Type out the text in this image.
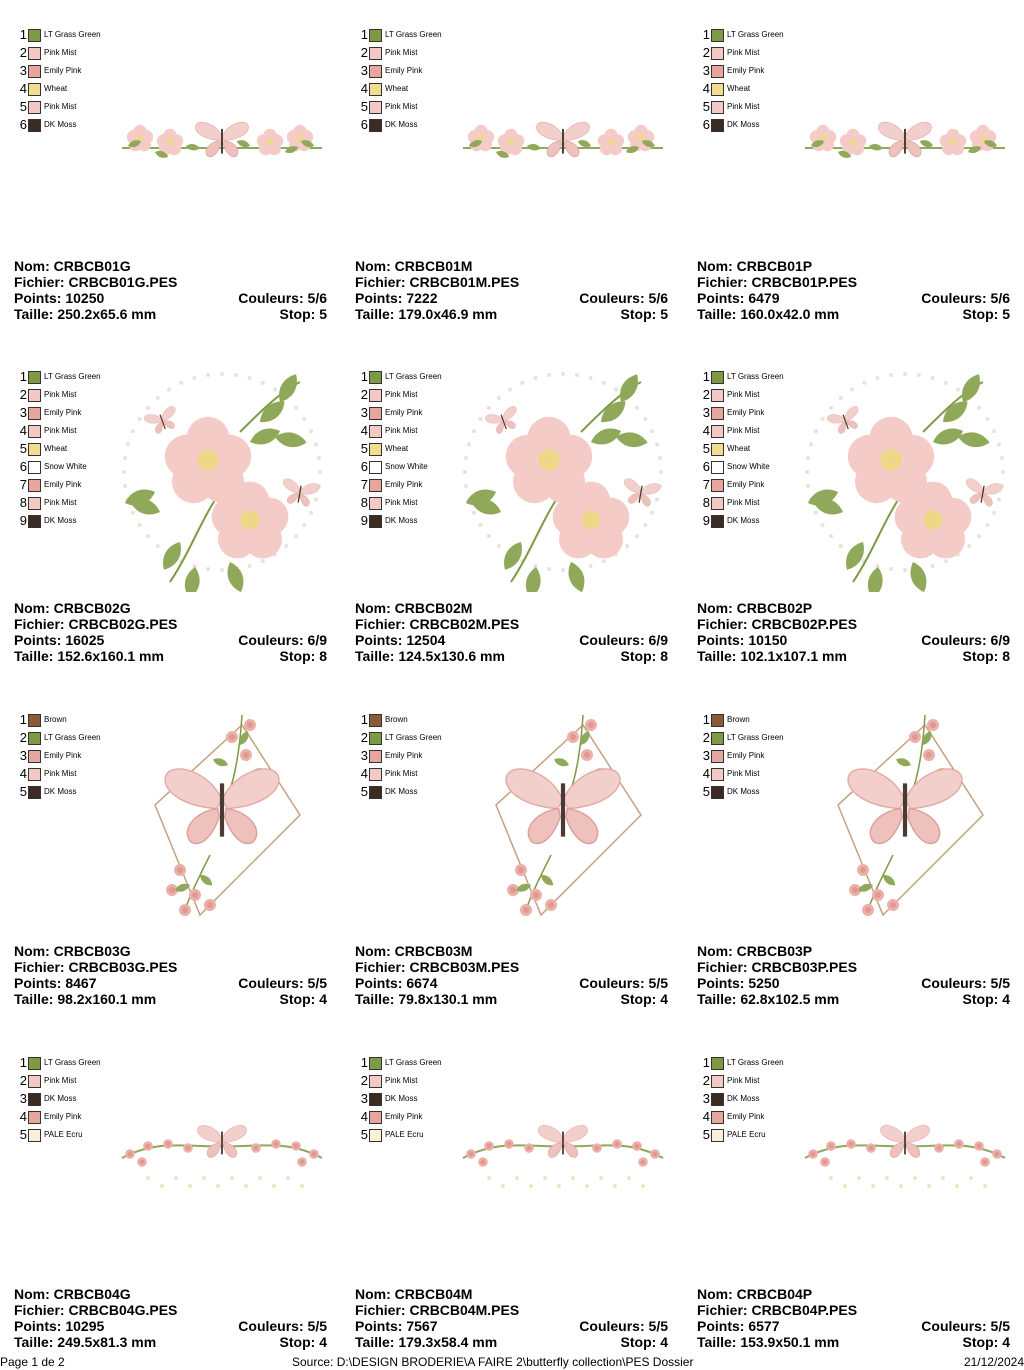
1 LT Grass Green
2 Pink Mist
3 Emily Pink
4 Wheat
5 Pink Mist
6 DK Moss
Nom: CRBCB01G
Fichier: CRBCB01G.PES
Points: 10250	Couleurs: 5/6
Taille: 250.2x65.6 mm	Stop: 5
1 LT Grass Green
2 Pink Mist
3 Emily Pink
4 Wheat
5 Pink Mist
6 DK Moss
Nom: CRBCB01M
Fichier: CRBCB01M.PES
Points: 7222	Couleurs: 5/6
Taille: 179.0x46.9 mm	Stop: 5
1 LT Grass Green
2 Pink Mist
3 Emily Pink
4 Wheat
5 Pink Mist
6 DK Moss
Nom: CRBCB01P
Fichier: CRBCB01P.PES
Points: 6479	Couleurs: 5/6
Taille: 160.0x42.0 mm	Stop: 5
1 LT Grass Green
2 Pink Mist
3 Emily Pink
4 Pink Mist
5 Wheat
6 Snow White
7 Emily Pink
8 Pink Mist
9 DK Moss
Nom: CRBCB02G
Fichier: CRBCB02G.PES
Points: 16025	Couleurs: 6/9
Taille: 152.6x160.1 mm	Stop: 8
1 LT Grass Green
2 Pink Mist
3 Emily Pink
4 Pink Mist
5 Wheat
6 Snow White
7 Emily Pink
8 Pink Mist
9 DK Moss
Nom: CRBCB02M
Fichier: CRBCB02M.PES
Points: 12504	Couleurs: 6/9
Taille: 124.5x130.6 mm	Stop: 8
1 LT Grass Green
2 Pink Mist
3 Emily Pink
4 Pink Mist
5 Wheat
6 Snow White
7 Emily Pink
8 Pink Mist
9 DK Moss
Nom: CRBCB02P
Fichier: CRBCB02P.PES
Points: 10150	Couleurs: 6/9
Taille: 102.1x107.1 mm	Stop: 8
1 Brown
2 LT Grass Green
3 Emily Pink
4 Pink Mist
5 DK Moss
Nom: CRBCB03G
Fichier: CRBCB03G.PES
Points: 8467	Couleurs: 5/5
Taille: 98.2x160.1 mm	Stop: 4
1 Brown
2 LT Grass Green
3 Emily Pink
4 Pink Mist
5 DK Moss
Nom: CRBCB03M
Fichier: CRBCB03M.PES
Points: 6674	Couleurs: 5/5
Taille: 79.8x130.1 mm	Stop: 4
1 Brown
2 LT Grass Green
3 Emily Pink
4 Pink Mist
5 DK Moss
Nom: CRBCB03P
Fichier: CRBCB03P.PES
Points: 5250	Couleurs: 5/5
Taille: 62.8x102.5 mm	Stop: 4
1 LT Grass Green
2 Pink Mist
3 DK Moss
4 Emily Pink
5 PALE Ecru
Nom: CRBCB04G
Fichier: CRBCB04G.PES
Points: 10295	Couleurs: 5/5
Taille: 249.5x81.3 mm	Stop: 4
1 LT Grass Green
2 Pink Mist
3 DK Moss
4 Emily Pink
5 PALE Ecru
Nom: CRBCB04M
Fichier: CRBCB04M.PES
Points: 7567	Couleurs: 5/5
Taille: 179.3x58.4 mm	Stop: 4
1 LT Grass Green
2 Pink Mist
3 DK Moss
4 Emily Pink
5 PALE Ecru
Nom: CRBCB04P
Fichier: CRBCB04P.PES
Points: 6577	Couleurs: 5/5
Taille: 153.9x50.1 mm	Stop: 4
Page 1 de 2	Source: D:\DESIGN BRODERIE\A FAIRE 2\butterfly collection\PES Dossier	21/12/2024
